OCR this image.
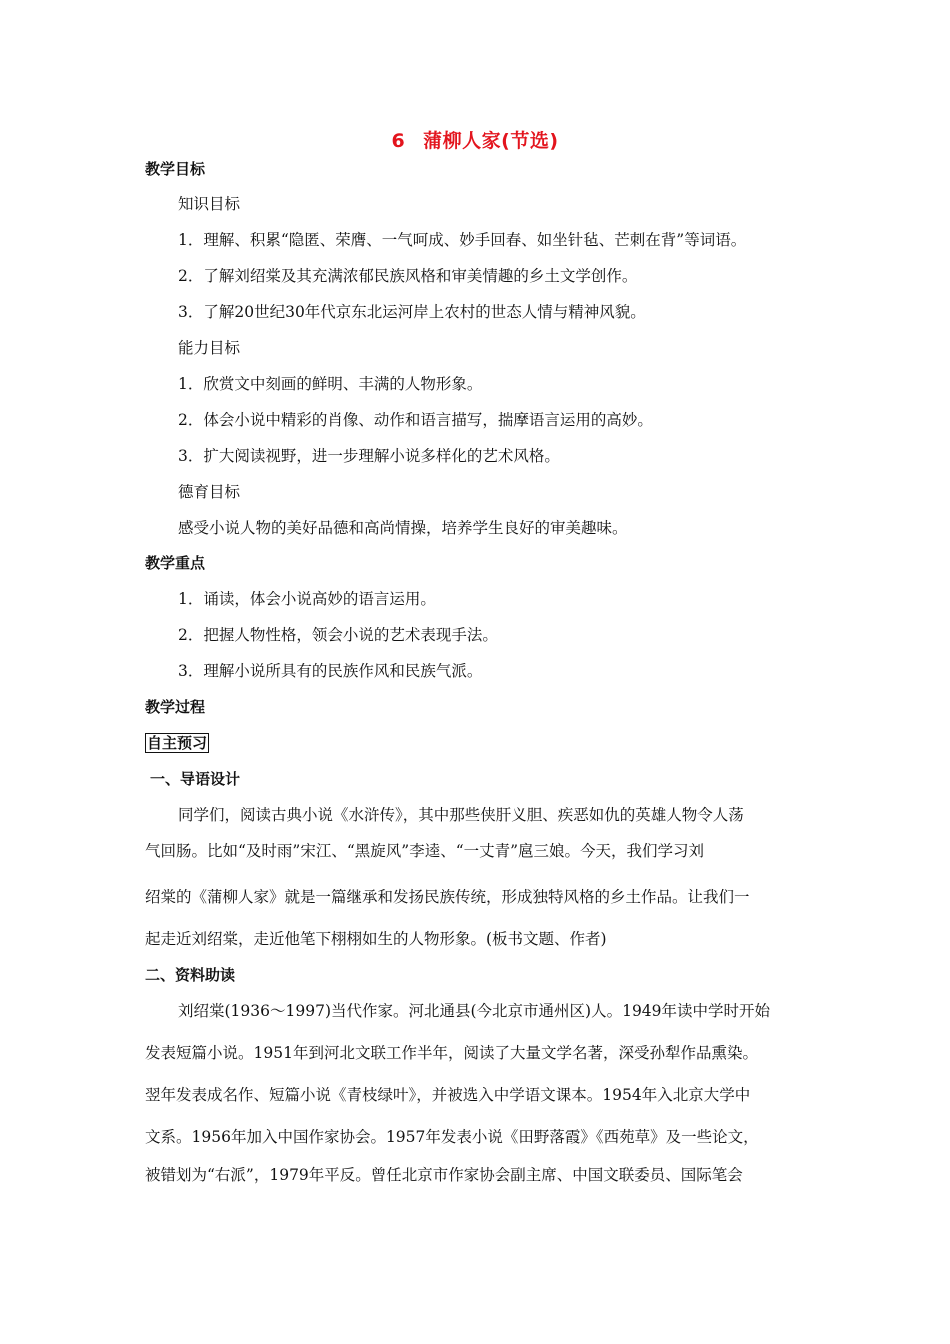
6 蒲柳人家(节选)
教学目标
知识目标
1．理解、积累“隐匿、荣膺、一气呵成、妙手回春、如坐针毡、芒刺在背”等词语。
2．了解刘绍棠及其充满浓郁民族风格和审美情趣的乡土文学创作。
3．了解20世纪30年代京东北运河岸上农村的世态人情与精神风貌。
能力目标
1．欣赏文中刻画的鲜明、丰满的人物形象。
2．体会小说中精彩的肖像、动作和语言描写，揣摩语言运用的高妙。
3．扩大阅读视野，进一步理解小说多样化的艺术风格。
德育目标
感受小说人物的美好品德和高尚情操，培养学生良好的审美趣味。
教学重点
1．诵读，体会小说高妙的语言运用。
2．把握人物性格，领会小说的艺术表现手法。
3．理解小说所具有的民族作风和民族气派。
教学过程
自主预习
一、导语设计
同学们，阅读古典小说《水浒传》，其中那些侠肝义胆、疾恶如仇的英雄人物令人荡
气回肠。比如“及时雨”宋江、“黑旋风”李逵、“一丈青”扈三娘。今天，我们学习刘
绍棠的《蒲柳人家》就是一篇继承和发扬民族传统，形成独特风格的乡土作品。让我们一
起走近刘绍棠，走近他笔下栩栩如生的人物形象。(板书文题、作者)
二、资料助读
刘绍棠(1936～1997)当代作家。河北通县(今北京市通州区)人。1949年读中学时开始
发表短篇小说。1951年到河北文联工作半年，阅读了大量文学名著，深受孙犁作品熏染。
翌年发表成名作、短篇小说《青枝绿叶》，并被选入中学语文课本。1954年入北京大学中
文系。1956年加入中国作家协会。1957年发表小说《田野落霞》《西苑草》及一些论文，
被错划为“右派”，1979年平反。曾任北京市作家协会副主席、中国文联委员、国际笔会
